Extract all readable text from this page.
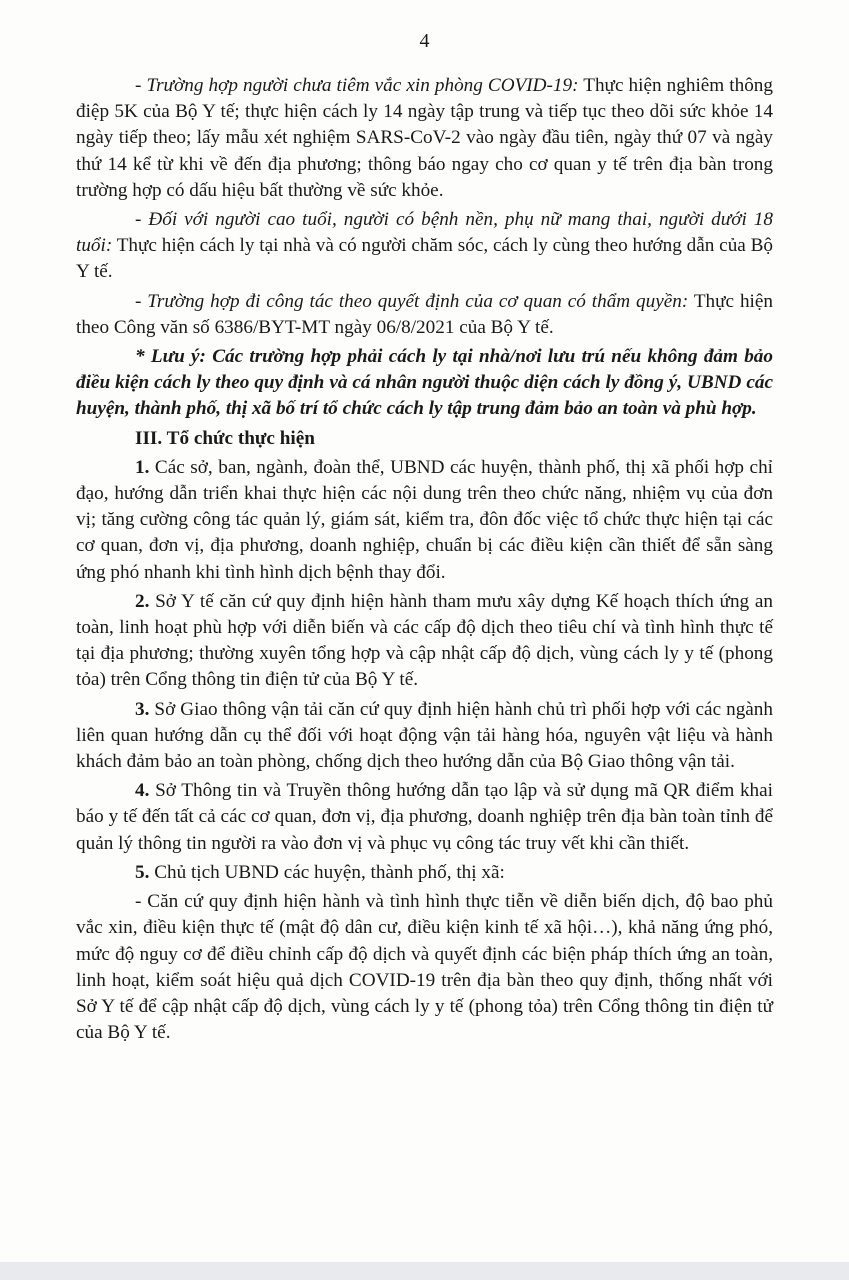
4

- Trường hợp người chưa tiêm vắc xin phòng COVID-19: Thực hiện nghiêm thông điệp 5K của Bộ Y tế; thực hiện cách ly 14 ngày tập trung và tiếp tục theo dõi sức khỏe 14 ngày tiếp theo; lấy mẫu xét nghiệm SARS-CoV-2 vào ngày đầu tiên, ngày thứ 07 và ngày thứ 14 kể từ khi về đến địa phương; thông báo ngay cho cơ quan y tế trên địa bàn trong trường hợp có dấu hiệu bất thường về sức khỏe.

- Đối với người cao tuổi, người có bệnh nền, phụ nữ mang thai, người dưới 18 tuổi: Thực hiện cách ly tại nhà và có người chăm sóc, cách ly cùng theo hướng dẫn của Bộ Y tế.

- Trường hợp đi công tác theo quyết định của cơ quan có thẩm quyền: Thực hiện theo Công văn số 6386/BYT-MT ngày 06/8/2021 của Bộ Y tế.

* Lưu ý: Các trường hợp phải cách ly tại nhà/nơi lưu trú nếu không đảm bảo điều kiện cách ly theo quy định và cá nhân người thuộc diện cách ly đồng ý, UBND các huyện, thành phố, thị xã bố trí tổ chức cách ly tập trung đảm bảo an toàn và phù hợp.

III. Tổ chức thực hiện

1. Các sở, ban, ngành, đoàn thể, UBND các huyện, thành phố, thị xã phối hợp chỉ đạo, hướng dẫn triển khai thực hiện các nội dung trên theo chức năng, nhiệm vụ của đơn vị; tăng cường công tác quản lý, giám sát, kiểm tra, đôn đốc việc tổ chức thực hiện tại các cơ quan, đơn vị, địa phương, doanh nghiệp, chuẩn bị các điều kiện cần thiết để sẵn sàng ứng phó nhanh khi tình hình dịch bệnh thay đổi.

2. Sở Y tế căn cứ quy định hiện hành tham mưu xây dựng Kế hoạch thích ứng an toàn, linh hoạt phù hợp với diễn biến và các cấp độ dịch theo tiêu chí và tình hình thực tế tại địa phương; thường xuyên tổng hợp và cập nhật cấp độ dịch, vùng cách ly y tế (phong tỏa) trên Cổng thông tin điện tử của Bộ Y tế.

3. Sở Giao thông vận tải căn cứ quy định hiện hành chủ trì phối hợp với các ngành liên quan hướng dẫn cụ thể đối với hoạt động vận tải hàng hóa, nguyên vật liệu và hành khách đảm bảo an toàn phòng, chống dịch theo hướng dẫn của Bộ Giao thông vận tải.

4. Sở Thông tin và Truyền thông hướng dẫn tạo lập và sử dụng mã QR điểm khai báo y tế đến tất cả các cơ quan, đơn vị, địa phương, doanh nghiệp trên địa bàn toàn tỉnh để quản lý thông tin người ra vào đơn vị và phục vụ công tác truy vết khi cần thiết.

5. Chủ tịch UBND các huyện, thành phố, thị xã:

- Căn cứ quy định hiện hành và tình hình thực tiễn về diễn biến dịch, độ bao phủ vắc xin, điều kiện thực tế (mật độ dân cư, điều kiện kinh tế xã hội…), khả năng ứng phó, mức độ nguy cơ để điều chỉnh cấp độ dịch và quyết định các biện pháp thích ứng an toàn, linh hoạt, kiểm soát hiệu quả dịch COVID-19 trên địa bàn theo quy định, thống nhất với Sở Y tế để cập nhật cấp độ dịch, vùng cách ly y tế (phong tỏa) trên Cổng thông tin điện tử của Bộ Y tế.
